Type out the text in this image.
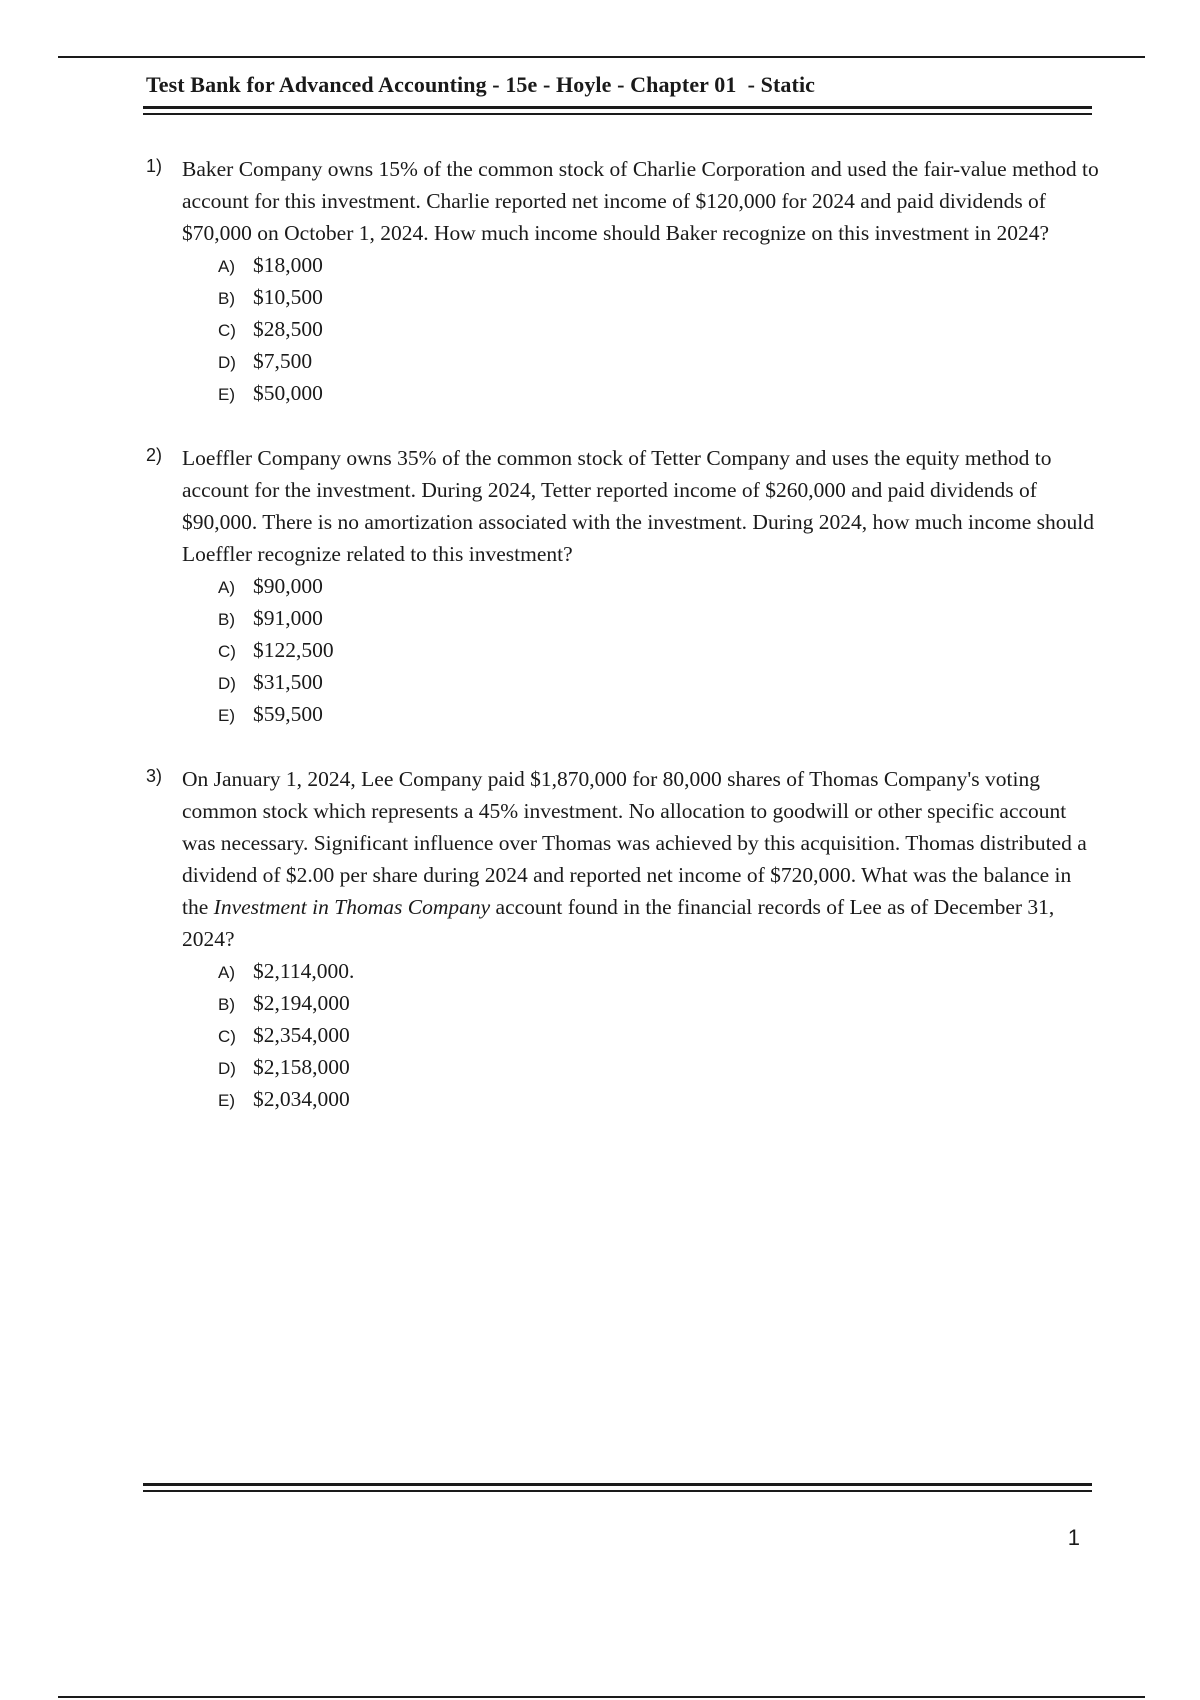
Test Bank for Advanced Accounting - 15e - Hoyle - Chapter 01  - Static
1) Baker Company owns 15% of the common stock of Charlie Corporation and used the fair-value method to account for this investment. Charlie reported net income of $120,000 for 2024 and paid dividends of $70,000 on October 1, 2024. How much income should Baker recognize on this investment in 2024?
A) $18,000
B) $10,500
C) $28,500
D) $7,500
E) $50,000
2) Loeffler Company owns 35% of the common stock of Tetter Company and uses the equity method to account for the investment. During 2024, Tetter reported income of $260,000 and paid dividends of $90,000. There is no amortization associated with the investment. During 2024, how much income should Loeffler recognize related to this investment?
A) $90,000
B) $91,000
C) $122,500
D) $31,500
E) $59,500
3) On January 1, 2024, Lee Company paid $1,870,000 for 80,000 shares of Thomas Company's voting common stock which represents a 45% investment. No allocation to goodwill or other specific account was necessary. Significant influence over Thomas was achieved by this acquisition. Thomas distributed a dividend of $2.00 per share during 2024 and reported net income of $720,000. What was the balance in the Investment in Thomas Company account found in the financial records of Lee as of December 31, 2024?
A) $2,114,000.
B) $2,194,000
C) $2,354,000
D) $2,158,000
E) $2,034,000
1
